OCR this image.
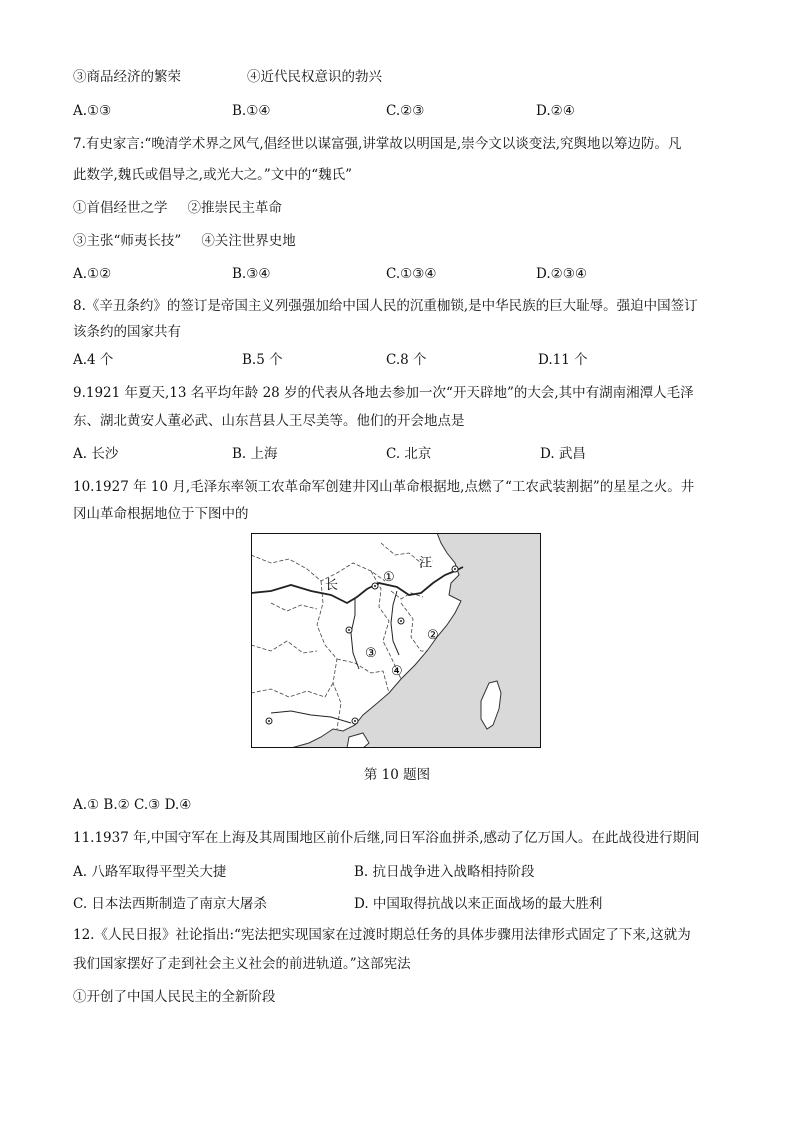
③商品经济的繁荣	④近代民权意识的勃兴
A.①③	B.①④	C.②③	D.②④
7.有史家言:“晚清学术界之风气,倡经世以谋富强,讲掌故以明国是,崇今文以谈变法,究舆地以筹边防。凡
此数学,魏氏或倡导之,或光大之。”文中的“魏氏”
①首倡经世之学 ②推崇民主革命
③主张“师夷长技” ④关注世界史地
A.①②	B.③④	C.①③④	D.②③④
8.《辛丑条约》的签订是帝国主义列强强加给中国人民的沉重枷锁,是中华民族的巨大耻辱。强迫中国签订
该条约的国家共有
A.4 个	B.5 个	C.8 个	D.11 个
9.1921 年夏天,13 名平均年龄 28 岁的代表从各地去参加一次“开天辟地”的大会,其中有湖南湘潭人毛泽
东、湖北黄安人董必武、山东莒县人王尽美等。他们的开会地点是
A. 长沙	B. 上海	C. 北京	D. 武昌
10.1927 年 10 月,毛泽东率领工农革命军创建井冈山革命根据地,点燃了“工农武装割据”的星星之火。井
冈山革命根据地位于下图中的
①
②
③
④
长
江
第 10 题图
A.① B.② C.③ D.④
11.1937 年,中国守军在上海及其周围地区前仆后继,同日军浴血拼杀,感动了亿万国人。在此战役进行期间
A. 八路军取得平型关大捷	B. 抗日战争进入战略相持阶段
C. 日本法西斯制造了南京大屠杀	D. 中国取得抗战以来正面战场的最大胜利
12.《人民日报》社论指出:“宪法把实现国家在过渡时期总任务的具体步骤用法律形式固定了下来,这就为
我们国家摆好了走到社会主义社会的前进轨道。”这部宪法
①开创了中国人民民主的全新阶段
